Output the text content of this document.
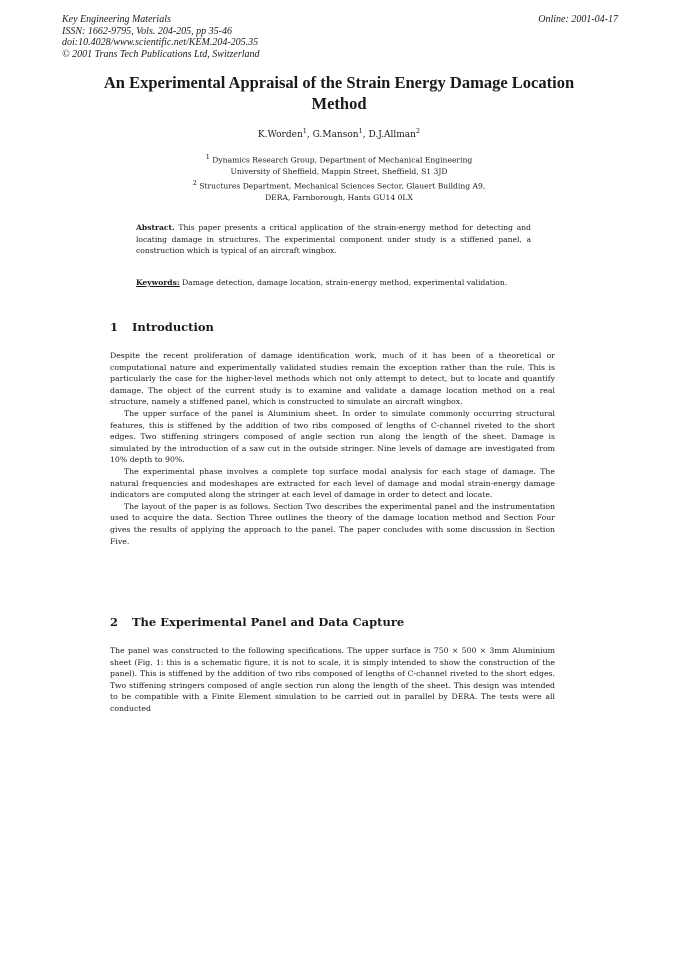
Key Engineering Materials
ISSN: 1662-9795, Vols. 204-205, pp 35-46
doi:10.4028/www.scientific.net/KEM.204-205.35
© 2001 Trans Tech Publications Ltd, Switzerland
Online: 2001-04-17
An Experimental Appraisal of the Strain Energy Damage Location Method
K.Worden$^1$, G.Manson$^1$, D.J.Allman$^2$
$^1$ Dynamics Research Group, Department of Mechanical Engineering
University of Sheffield, Mappin Street, Sheffield, S1 3JD
$^2$ Structures Department, Mechanical Sciences Sector, Glauert Building A9,
DERA, Farnborough, Hants GU14 0LX
Abstract. This paper presents a critical application of the strain-energy method for detecting and locating damage in structures. The experimental component under study is a stiffened panel, a construction which is typical of an aircraft wingbox.
Keywords: Damage detection, damage location, strain-energy method, experimental validation.
1 Introduction

Despite the recent proliferation of damage identification work, much of it has been of a theoretical or computational nature and experimentally validated studies remain the exception rather than the rule. This is particularly the case for the higher-level methods which not only attempt to detect, but to locate and quantify damage. The object of the current study is to examine and validate a damage location method on a real structure, namely a stiffened panel, which is constructed to simulate an aircraft wingbox.

The upper surface of the panel is Aluminium sheet. In order to simulate commonly occurring structural features, this is stiffened by the addition of two ribs composed of lengths of C-channel riveted to the short edges. Two stiffening stringers composed of angle section run along the length of the sheet. Damage is simulated by the introduction of a saw cut in the outside stringer. Nine levels of damage are investigated from 10% depth to 90%.

The experimental phase involves a complete top surface modal analysis for each stage of damage. The natural frequencies and modeshapes are extracted for each level of damage and modal strain-energy damage indicators are computed along the stringer at each level of damage in order to detect and locate.

The layout of the paper is as follows. Section Two describes the experimental panel and the instrumentation used to acquire the data. Section Three outlines the theory of the damage location method and Section Four gives the results of applying the approach to the panel. The paper concludes with some discussion in Section Five.

2 The Experimental Panel and Data Capture

The panel was constructed to the following specifications. The upper surface is 750 × 500 × 3mm Aluminium sheet (Fig. 1: this is a schematic figure, it is not to scale, it is simply intended to show the construction of the panel). This is stiffened by the addition of two ribs composed of lengths of C-channel riveted to the short edges. Two stiffening stringers composed of angle section run along the length of the sheet. This design was intended to be compatible with a Finite Element simulation to be carried out in parallel by DERA. The tests were all conducted
